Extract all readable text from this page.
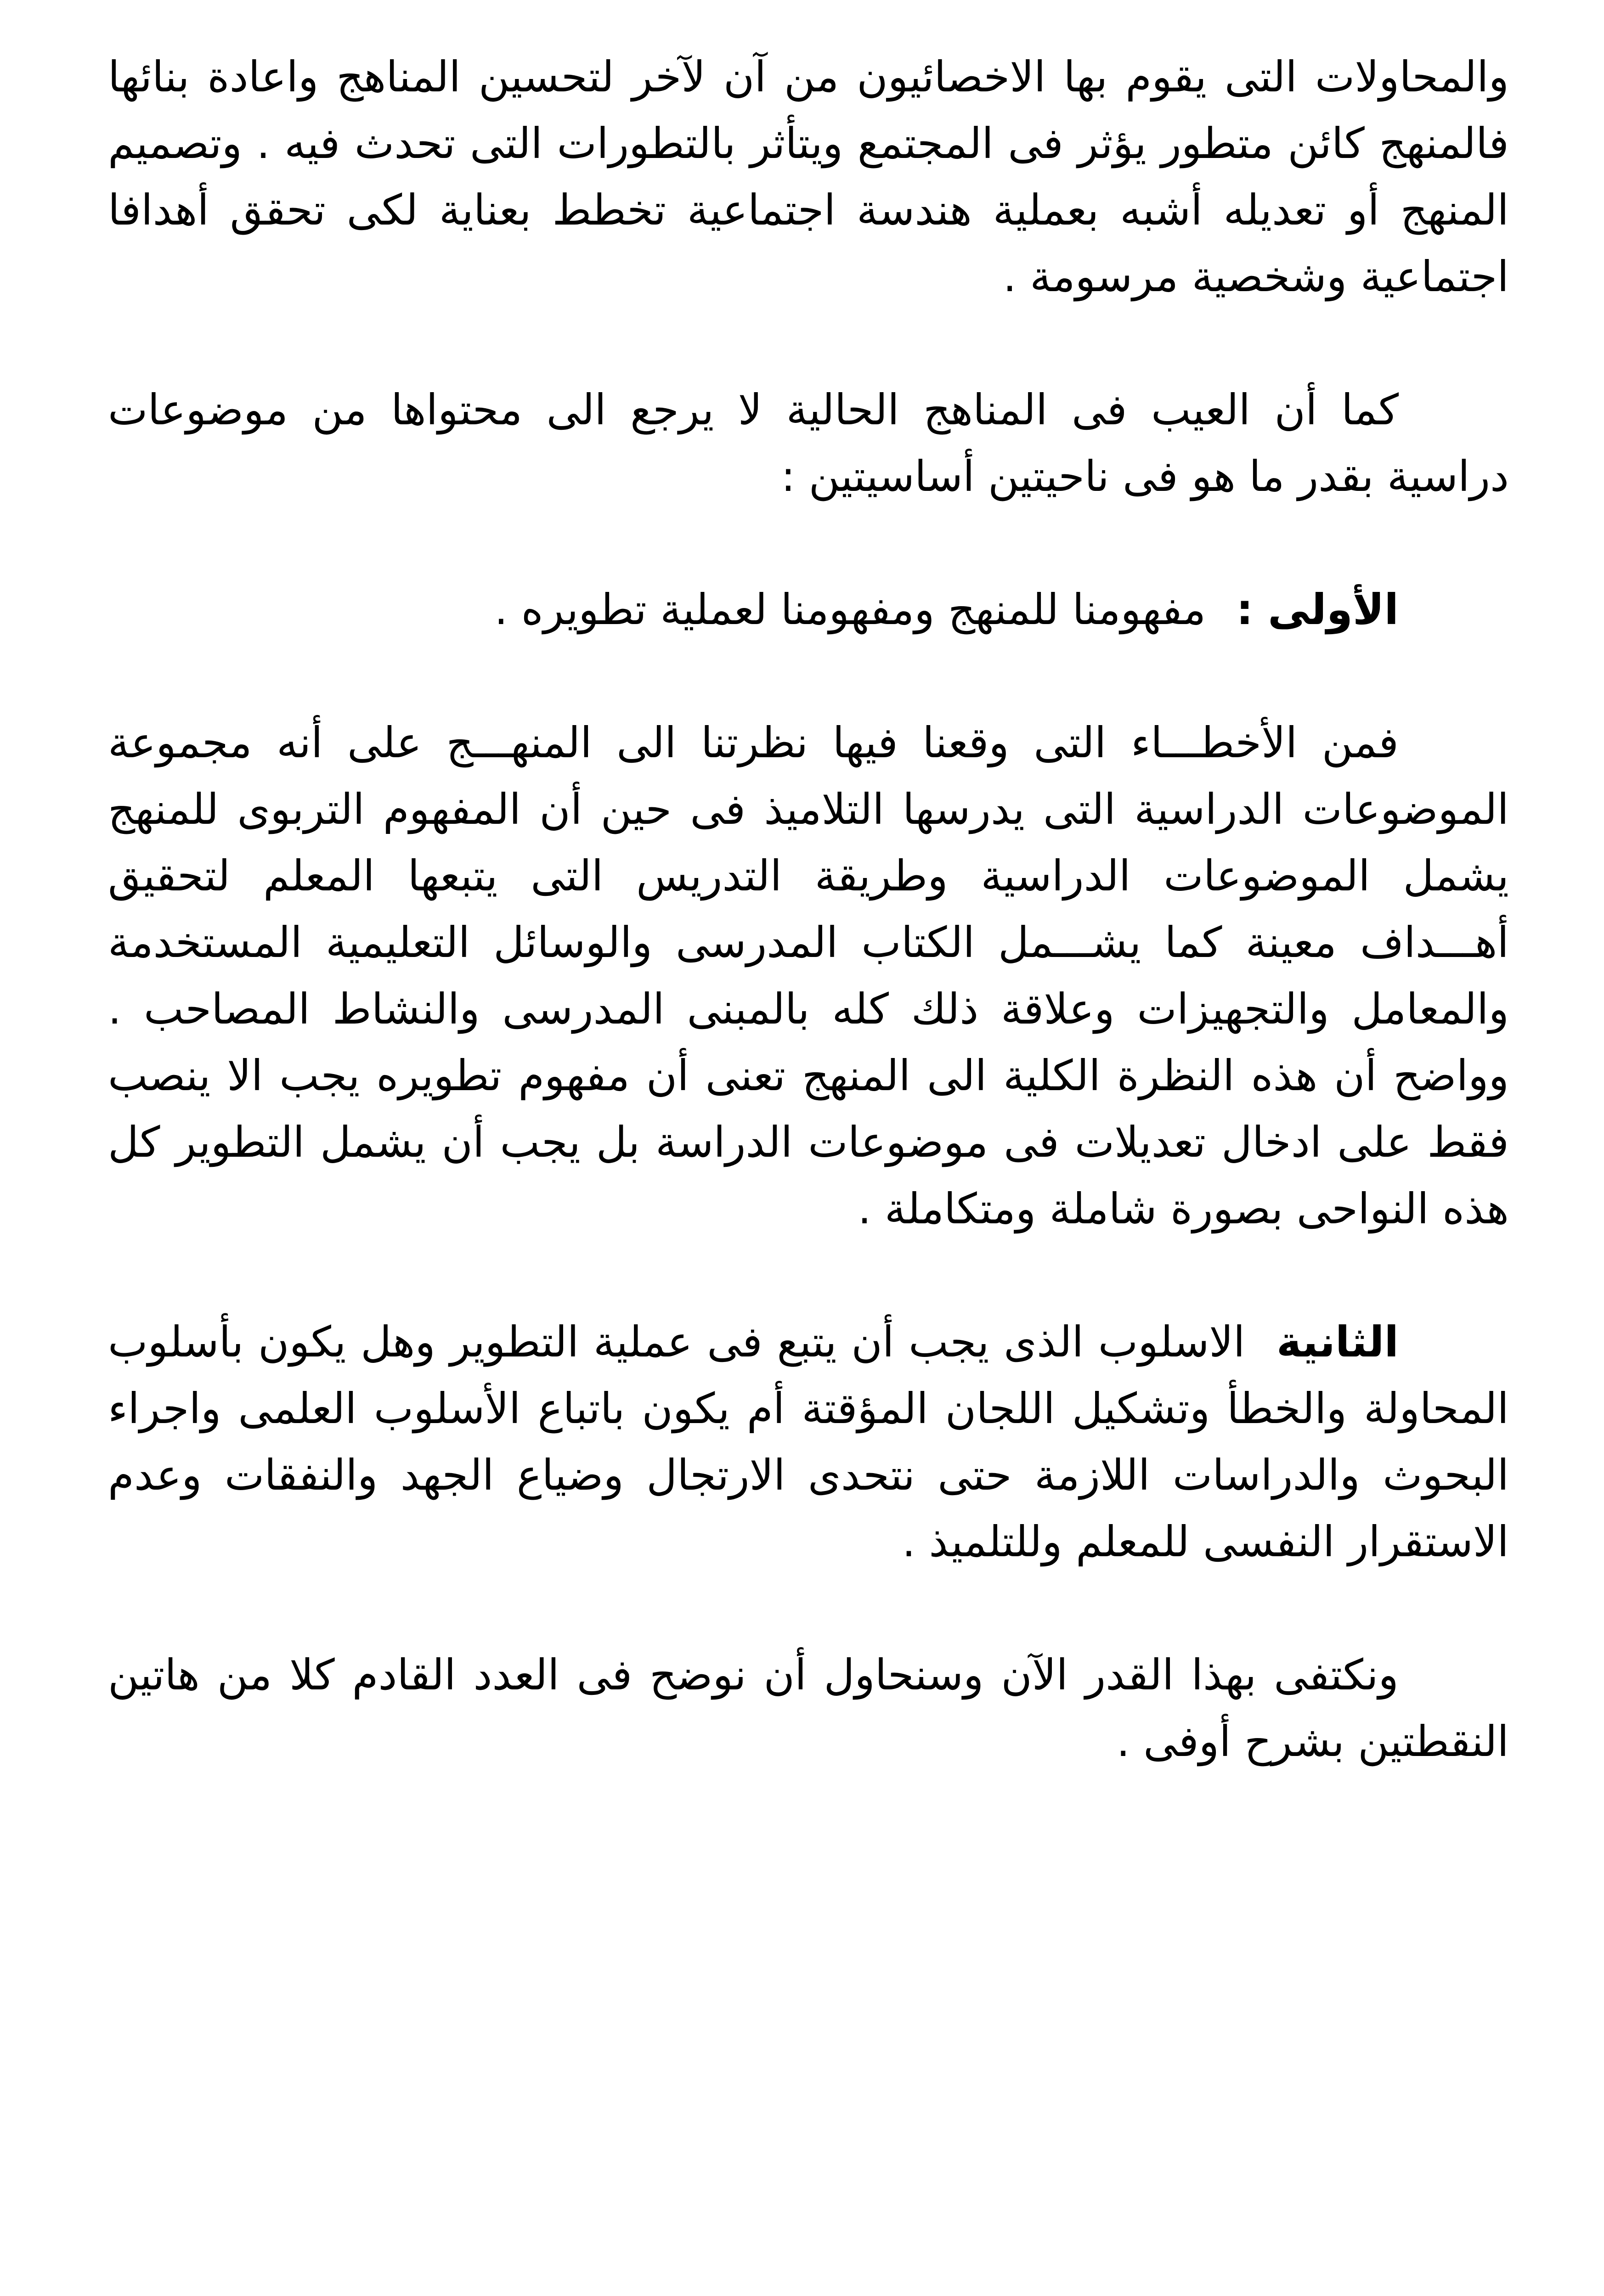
والمحاولات التى يقوم بها الاخصائيون من آن لآخر لتحسين المناهج واعادة بنائها فالمنهج كائن متطور يؤثر فى المجتمع ويتأثر بالتطورات التى تحدث فيه . وتصميم المنهج أو تعديله أشبه بعملية هندسة اجتماعية تخطط بعناية لكى تحقق أهدافا اجتماعية وشخصية مرسومة .

كما أن العيب فى المناهج الحالية لا يرجع الى محتواها من موضوعات دراسية بقدر ما هو فى ناحيتين أساسيتين :

الأولى : مفهومنا للمنهج ومفهومنا لعملية تطويره .

فمن الأخطـــاء التى وقعنا فيها نظرتنا الى المنهـــج على أنه مجموعة الموضوعات الدراسية التى يدرسها التلاميذ فى حين أن المفهوم التربوى للمنهج يشمل الموضوعات الدراسية وطريقة التدريس التى يتبعها المعلم لتحقيق أهـــداف معينة كما يشـــمل الكتاب المدرسى والوسائل التعليمية المستخدمة والمعامل والتجهيزات وعلاقة ذلك كله بالمبنى المدرسى والنشاط المصاحب . وواضح أن هذه النظرة الكلية الى المنهج تعنى أن مفهوم تطويره يجب الا ينصب فقط على ادخال تعديلات فى موضوعات الدراسة بل يجب أن يشمل التطوير كل هذه النواحى بصورة شاملة ومتكاملة .

الثانية الاسلوب الذى يجب أن يتبع فى عملية التطوير وهل يكون بأسلوب المحاولة والخطأ وتشكيل اللجان المؤقتة أم يكون باتباع الأسلوب العلمى واجراء البحوث والدراسات اللازمة حتى نتحدى الارتجال وضياع الجهد والنفقات وعدم الاستقرار النفسى للمعلم وللتلميذ .

ونكتفى بهذا القدر الآن وسنحاول أن نوضح فى العدد القادم كلا من هاتين النقطتين بشرح أوفى .
